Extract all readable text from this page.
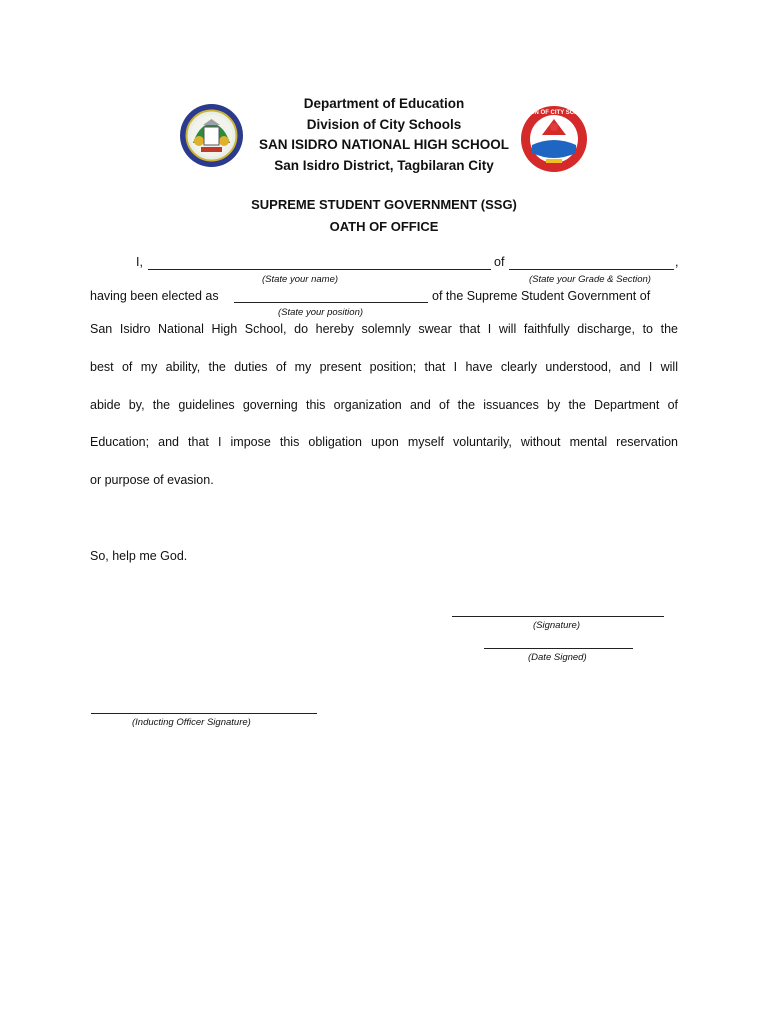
DIVISION OF CITY SCHOOLS
Department of Education
Division of City Schools
SAN ISIDRO NATIONAL HIGH SCHOOL
San Isidro District, Tagbilaran City
SUPREME STUDENT GOVERNMENT (SSG)
OATH OF OFFICE
I,	of	,
(State your name)	(State your Grade & Section)
having been elected as	of the Supreme Student Government of
(State your position)
San Isidro National High School, do hereby solemnly swear that I will faithfully discharge, to the
best of my ability, the duties of my present position; that I have clearly understood, and I will
abide by, the guidelines governing this organization and of the issuances by the Department of
Education; and that I impose this obligation upon myself voluntarily, without mental reservation
or purpose of evasion.
So, help me God.
(Signature)
(Date Signed)
(Inducting Officer Signature)
